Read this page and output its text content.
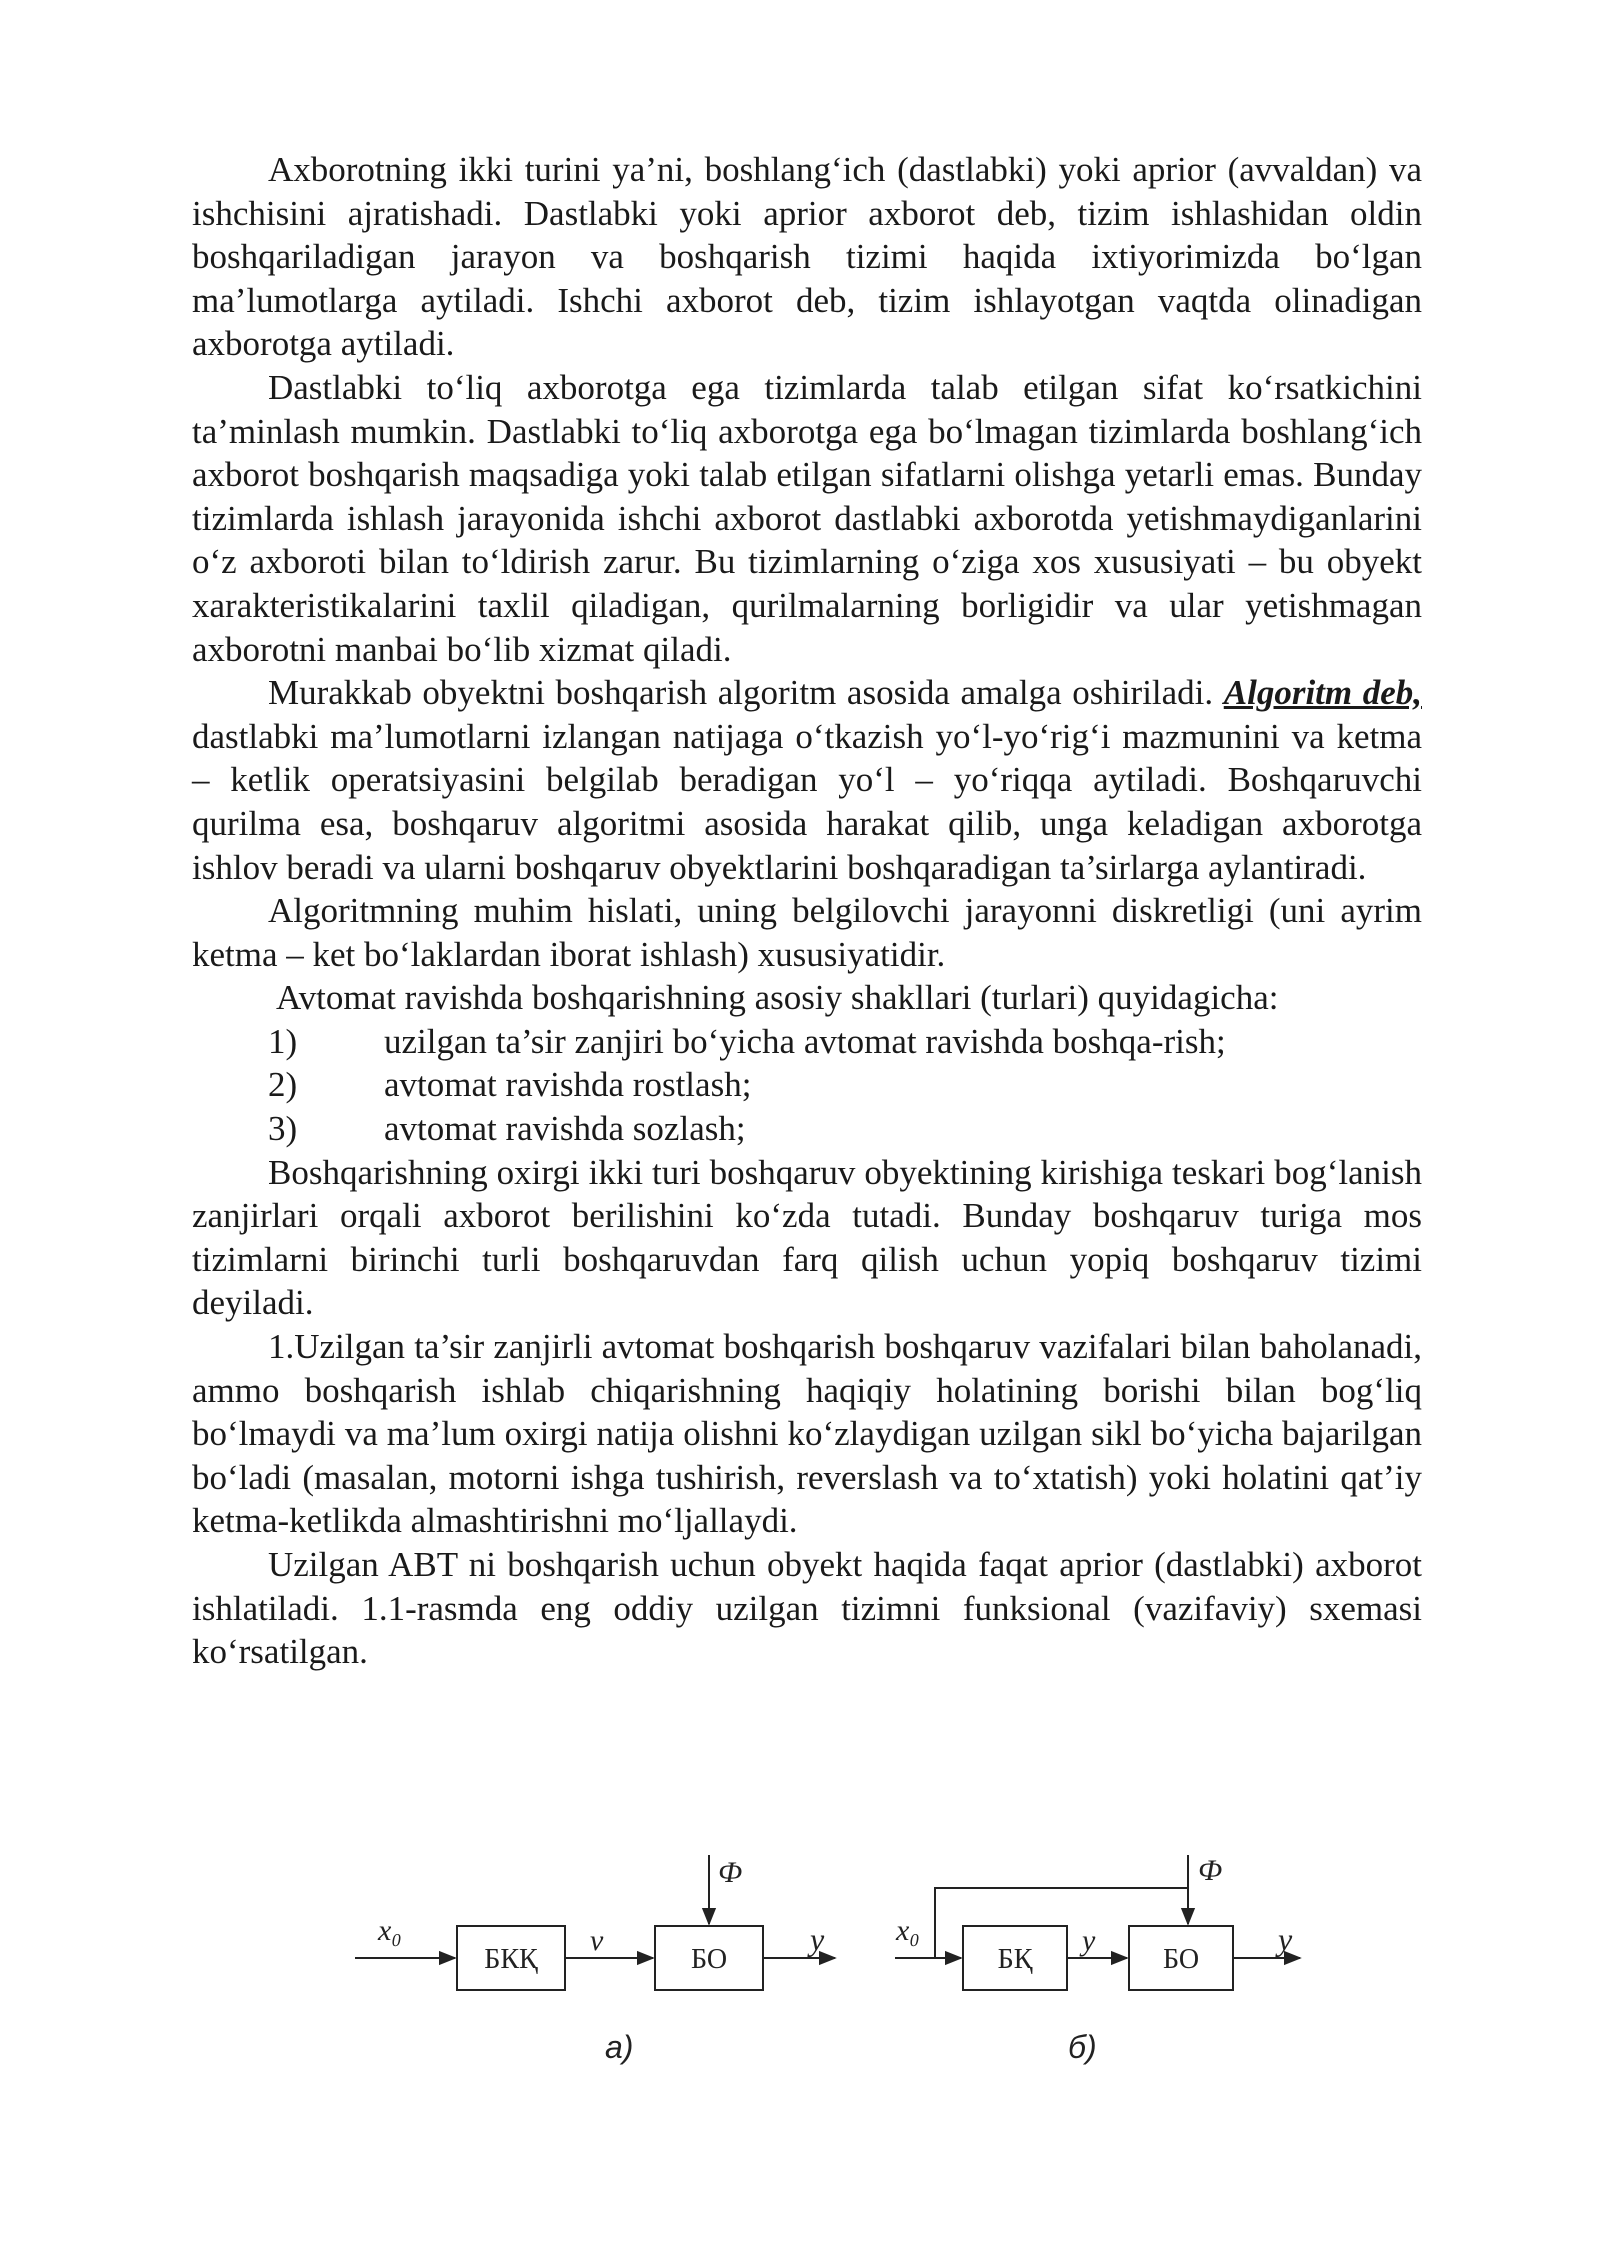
Axborotning ikki turini ya’ni, boshlang‘ich (dastlabki) yoki aprior (avvaldan) va ishchisini ajratishadi. Dastlabki yoki aprior axborot deb, tizim ishlashidan oldin boshqariladigan jarayon va boshqarish tizimi haqida ixtiyorimizda bo‘lgan ma’lumotlarga aytiladi. Ishchi axborot deb, tizim ishlayotgan vaqtda olinadigan axborotga aytiladi.

Dastlabki to‘liq axborotga ega tizimlarda talab etilgan sifat ko‘rsatkichini ta’minlash mumkin. Dastlabki to‘liq axborotga ega bo‘lmagan tizimlarda boshlang‘ich axborot boshqarish maqsadiga yoki talab etilgan sifatlarni olishga yetarli emas. Bunday tizimlarda ishlash jarayonida ishchi axborot dastlabki axborotda yetishmaydiganlarini o‘z axboroti bilan to‘ldirish zarur. Bu tizimlarning o‘ziga xos xususiyati – bu obyekt xarakteristikalarini taxlil qiladigan, qurilmalarning borligidir va ular yetishmagan axborotni manbai bo‘lib xizmat qiladi.

Murakkab obyektni boshqarish algoritm asosida amalga oshiriladi. Algoritm deb, dastlabki ma’lumotlarni izlangan natijaga o‘tkazish yo‘l-yo‘rig‘i mazmunini va ketma – ketlik operatsiyasini belgilab beradigan yo‘l – yo‘riqqa aytiladi. Boshqaruvchi qurilma esa, boshqaruv algoritmi asosida harakat qilib, unga keladigan axborotga ishlov beradi va ularni boshqaruv obyektlarini boshqaradigan ta’sirlarga aylantiradi.

Algoritmning muhim hislati, uning belgilovchi jarayonni diskretligi (uni ayrim ketma – ket bo‘laklardan iborat ishlash) xususiyatidir.

Avtomat ravishda boshqarishning asosiy shakllari (turlari) quyidagicha:

1)	uzilgan ta’sir zanjiri bo‘yicha avtomat ravishda boshqa-rish;
2)	avtomat ravishda rostlash;
3)	avtomat ravishda sozlash;

Boshqarishning oxirgi ikki turi boshqaruv obyektining kirishiga teskari bog‘lanish zanjirlari orqali axborot berilishini ko‘zda tutadi. Bunday boshqaruv turiga mos tizimlarni birinchi turli boshqaruvdan farq qilish uchun yopiq boshqaruv tizimi deyiladi.

1.Uzilgan ta’sir zanjirli avtomat boshqarish boshqaruv vazifalari bilan baholanadi, ammo boshqarish ishlab chiqarishning haqiqiy holatining borishi bilan bog‘liq bo‘lmaydi va ma’lum oxirgi natija olishni ko‘zlaydigan uzilgan sikl bo‘yicha bajarilgan bo‘ladi (masalan, motorni ishga tushirish, reverslash va to‘xtatish) yoki holatini qat’iy ketma-ketlikda almashtirishni mo‘ljallaydi.

Uzilgan ABT ni boshqarish uchun obyekt haqida faqat aprior (dastlabki) axborot ishlatiladi. 1.1-rasmda eng oddiy uzilgan tizimni funksional (vazifaviy) sxemasi ko‘rsatilgan.

x₀
БКҚ
v
БО
Ф
y
а)
x₀
Ф
БҚ
y
БО
y
б)
